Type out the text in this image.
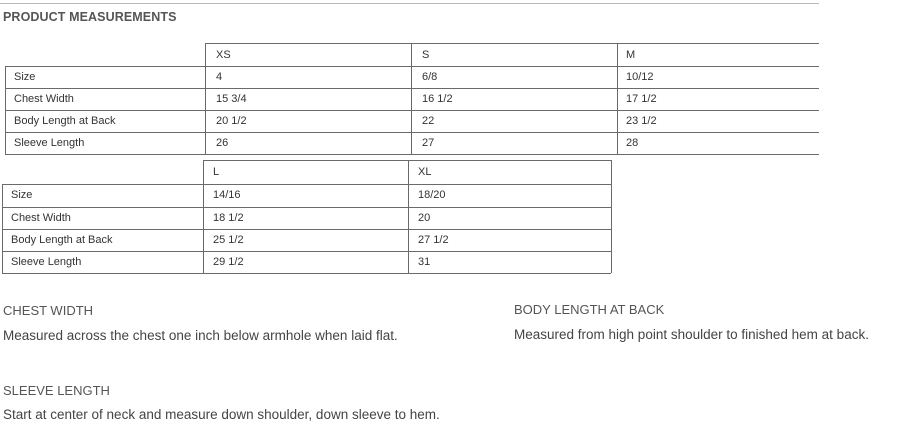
PRODUCT MEASUREMENTS
XS	S	M
Size	4	6/8	10/12
Chest Width	15 3/4	16 1/2	17 1/2
Body Length at Back	20 1/2	22	23 1/2
Sleeve Length	26	27	28
L	XL
Size	14/16	18/20
Chest Width	18 1/2	20
Body Length at Back	25 1/2	27 1/2
Sleeve Length	29 1/2	31
CHEST WIDTH
Measured across the chest one inch below armhole when laid flat.
BODY LENGTH AT BACK
Measured from high point shoulder to finished hem at back.
SLEEVE LENGTH
Start at center of neck and measure down shoulder, down sleeve to hem.
